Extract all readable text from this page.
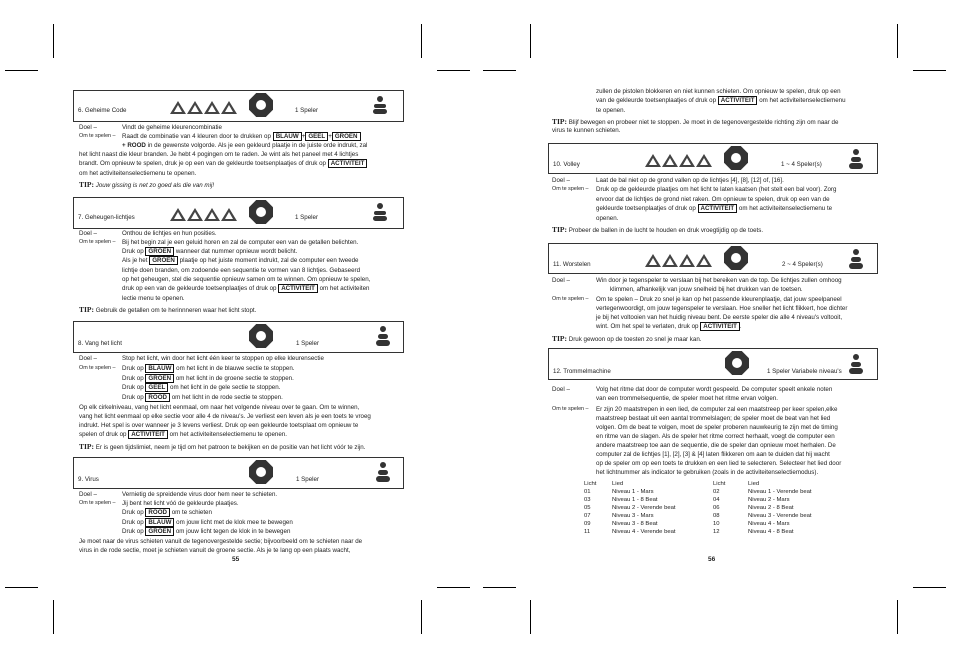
6. Geheime Code	1 Speler
Doel –	Vindt de geheime kleurencombinatie
Om te spelen – Raadt de combinatie van 4 kleuren door te drukken op BLAUW + GEEL + GROEN
+ ROOD in de gewenste volgorde. Als je een gekleurd plaatje in de juiste orde indrukt, zal
het licht naast die kleur branden. Je hebt 4 pogingen om te raden. Je wint als het paneel met 4 lichtjes
brandt. Om opnieuw te spelen, druk je op een van de gekleurde toetsenplaatjes of druk op ACTIVITEIT
om het activiteitenselectiemenu te openen.
TIP: Jouw gissing is net zo goed als die van mij!
7. Geheugen-lichtjes	1 Speler
Doel –	Onthou de lichtjes en hun posities.
Om te spelen – Bij het begin zal je een geluid horen en zal de computer een van de getallen belichten.
Druk op GROEN wanneer dat nummer opnieuw wordt belicht.
Als je het GROEN plaatje op het juiste moment indrukt, zal de computer een tweede
lichtje doen branden, om zodoende een sequentie te vormen van 8 lichtjes. Gebaseerd
op het geheugen, stel die sequentie opnieuw samen om te winnen. Om opnieuw te spelen,
druk op een van de gekleurde toetsenplaatjes of druk op ACTIVITEIT om het activiteiten
lectie menu te openen.
TIP: Gebruik de getallen om te herinnneren waar het licht stopt.
8. Vang het licht	1 Speler
Doel –	Stop het licht, win door het licht één keer te stoppen op elke kleurensectie
Om te spelen – Druk op BLAUW om het licht in de blauwe sectie te stoppen.
Druk op GROEN om het licht in de groene sectie te stoppen.
Druk op GEEL om het licht in de gele sectie te stoppen.
Druk op ROOD om het licht in de rode sectie te stoppen.
Op elk cirkelniveau, vang het licht eenmaal, om naar het volgende niveau over te gaan. Om te winnen,
vang het licht eenmaal op elke sectie voor alle 4 de niveau's. Je verliest een leven als je een toets te vroeg
indrukt. Het spel is over wanneer je 3 levens verliest. Druk op een gekleurde toetsplaat om opnieuw te
spelen of druk op ACTIVITEIT om het activiteitenselectiemenu te openen.
TIP: Er is geen tijdslimiet, neem je tijd om het patroon te bekijken en de positie van het licht vóór te zijn.
9. Virus	1 Speler
Doel –	Vernietig de spreidende virus door hem neer te schieten.
Om te spelen – Jij bent het licht vóó de gekleurde plaatjes.
Druk op ROOD om te schieten
Druk op BLAUW om jouw licht met de klok mee te bewegen
Druk op GROEN om jouw licht tegen de klok in te bewegen
Je moet naar de virus schieten vanuit de tegenovergestelde sectie; bijvoorbeeld om te schieten naar de
virus in de rode sectie, moet je schieten vanuit de groene sectie. Als je te lang op een plaats wacht,
55
zullen de pistolen blokkeren en niet kunnen schieten. Om opnieuw te spelen, druk op een
van de gekleurde toetsenplaatjes of druk op ACTIVITEIT om het activiteitenselectiemenu
te openen.
TIP: Blijf bewegen en probeer niet te stoppen. Je moet in de tegenovergestelde richting zijn om naar de
virus te kunnen schieten.
10. Volley	1 ~ 4 Speler(s)
Doel –	Laat de bal niet op de grond vallen op de lichtjes [4], [8], [12] of, [16].
Om te spelen – Druk op de gekleurde plaatjes om het licht te laten kaatsen (het stelt een bal voor). Zorg
ervoor dat de lichtjes de grond niet raken. Om opnieuw te spelen, druk op een van de
gekleurde toetsenplaatjes of druk op ACTIVITEIT om het activiteitenselectiemenu te
openen.
TIP: Probeer de ballen in de lucht te houden en druk vroegtijdig op de toets.
11. Worstelen	2 ~ 4 Speler(s)
Doel –	Win door je tegenspeler te verslaan bij het bereiken van de top. De lichtjes zullen omhoog
klimmen, afhankelijk van jouw snelheid bij het drukken van de toetsen.
Om te spelen – Om te spelen – Druk zo snel je kan op het passende kleurenplaatje, dat jouw speelpaneel
vertegenwoordigt, om jouw tegenspeler te verslaan. Hoe sneller het licht flikkert, hoe dichter
je bij het voltooien van het huidig niveau bent. De eerste speler die alle 4 niveau's voltooit,
wint. Om het spel te verlaten, druk op ACTIVITEIT .
TIP: Druk gewoon op de toesten zo snel je maar kan.
12. Trommelmachine	1 Speler Variabele niveau's
Doel –	Volg het ritme dat door de computer wordt gespeeld. De computer speelt enkele noten
van een trommelsequentie, de speler moet het ritme ervan volgen.
Om te spelen – Er zijn 20 maatstrepen in een lied, de computer zal een maatstreep per keer spelen,elke
maatstreep bestaat uit een aantal trommelslagen; de speler moet de beat van het lied
volgen. Om de beat te volgen, moet de speler proberen nauwkeurig te zijn met de timing
en ritme van de slagen. Als de speler het ritme correct herhaalt, voegt de computer een
andere maatstreep toe aan de sequentie, die de speler dan opnieuw moet herhalen. De
computer zal de lichtjes [1], [2], [3] & [4] laten flikkeren om aan te duiden dat hij wacht
op de speler om op een toets te drukken en een lied te selecteren. Selecteer het lied door
het lichtnummer als indicator te gebruiken (zoals in de activiteitenselectiemodus).
Licht	Lied	Licht	Lied
01	Niveau 1 - Mars	02	Niveau 1 - Verende beat
03	Niveau 1 - 8 Beat	04	Niveau 2 - Mars
05	Niveau 2 - Verende beat	06	Niveau 2 - 8 Beat
07	Niveau 3 - Mars	08	Niveau 3 - Verende beat
09	Niveau 3 - 8 Beat	10	Niveau 4 - Mars
11	Niveau 4 - Verende beat	12	Niveau 4 - 8 Beat
56
